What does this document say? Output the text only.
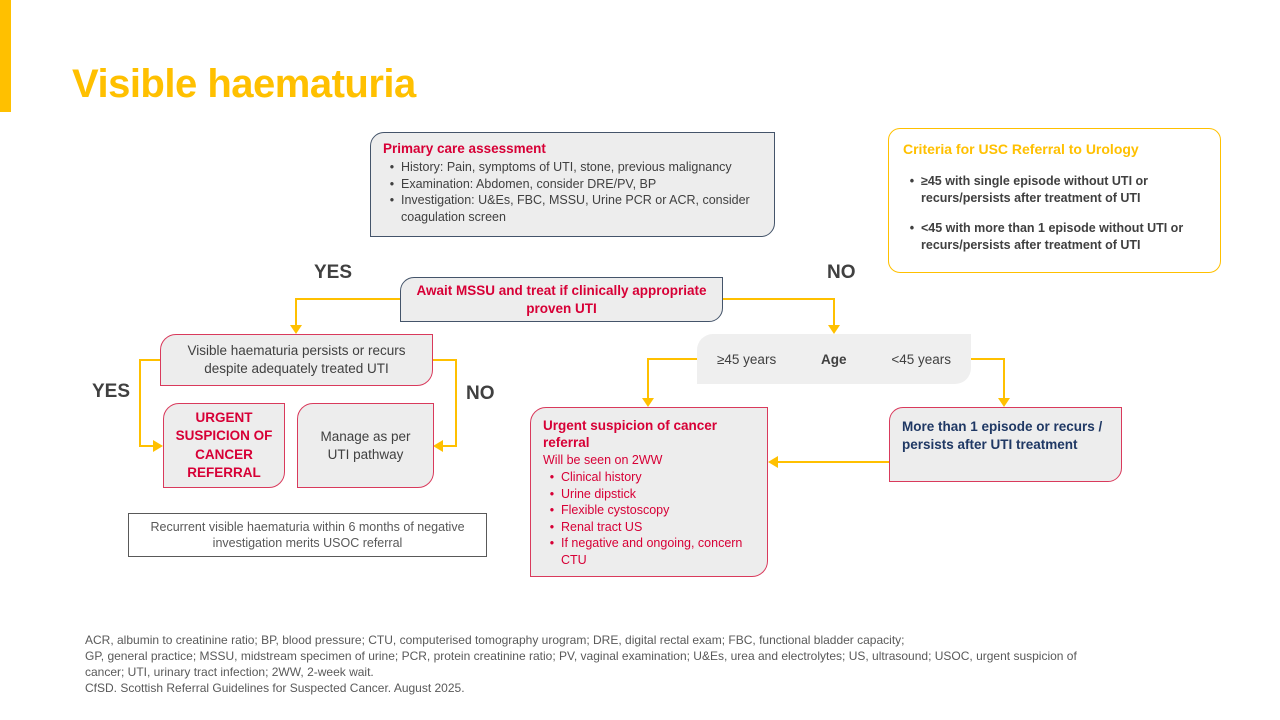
Visible haematuria
Primary care assessment
• History: Pain, symptoms of UTI, stone, previous malignancy
• Examination: Abdomen, consider DRE/PV, BP
• Investigation: U&Es, FBC, MSSU, Urine PCR or ACR, consider coagulation screen
Criteria for USC Referral to Urology
• ≥45 with single episode without UTI or recurs/persists after treatment of UTI
• <45 with more than 1 episode without UTI or recurs/persists after treatment of UTI
YES	NO
YES	NO
Await MSSU and treat if clinically appropriate proven UTI
Visible haematuria persists or recurs despite adequately treated UTI
URGENT SUSPICION OF CANCER REFERRAL
Manage as per UTI pathway
Recurrent visible haematuria within 6 months of negative investigation merits USOC referral
≥45 years	Age	<45 years
Urgent suspicion of cancer referral
Will be seen on 2WW
• Clinical history
• Urine dipstick
• Flexible cystoscopy
• Renal tract US
• If negative and ongoing, concern CTU
More than 1 episode or recurs / persists after UTI treatment
ACR, albumin to creatinine ratio; BP, blood pressure; CTU, computerised tomography urogram; DRE, digital rectal exam; FBC, functional bladder capacity;
GP, general practice; MSSU, midstream specimen of urine; PCR, protein creatinine ratio; PV, vaginal examination; U&Es, urea and electrolytes; US, ultrasound; USOC, urgent suspicion of
cancer; UTI, urinary tract infection; 2WW, 2-week wait.
CfSD. Scottish Referral Guidelines for Suspected Cancer. August 2025.
